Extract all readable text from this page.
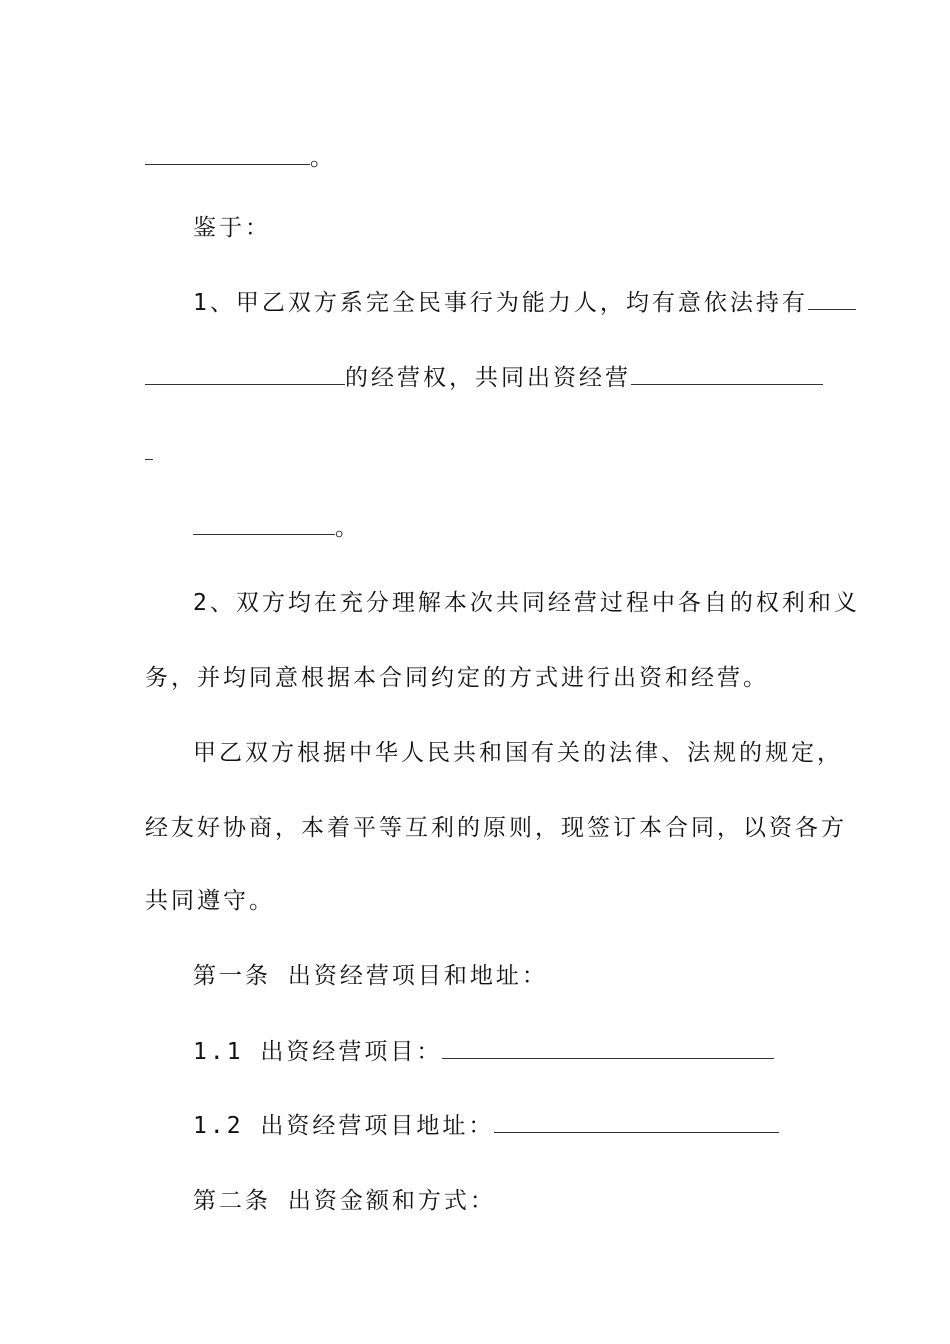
。
鉴于：
1、甲乙双方系完全民事行为能力人，均有意依法持有
的经营权，共同出资经营
。
2、双方均在充分理解本次共同经营过程中各自的权利和义
务，并均同意根据本合同约定的方式进行出资和经营。
甲乙双方根据中华人民共和国有关的法律、法规的规定，
经友好协商，本着平等互利的原则，现签订本合同，以资各方
共同遵守。
第一条 出资经营项目和地址：
1.1 出资经营项目：
1.2 出资经营项目地址：
第二条 出资金额和方式：
